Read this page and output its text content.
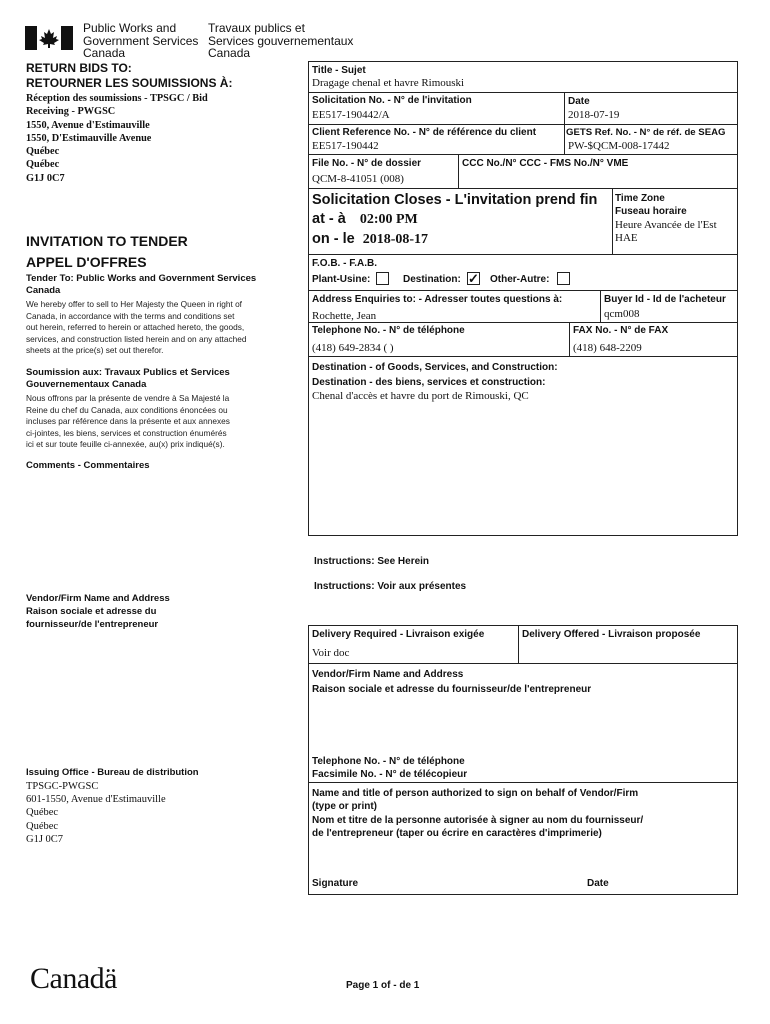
Public Works and
Government Services
Canada
Travaux publics et
Services gouvernementaux
Canada
RETURN BIDS TO:
RETOURNER LES SOUMISSIONS À:
Réception des soumissions - TPSGC / Bid
Receiving - PWGSC
1550, Avenue d'Estimauville
1550, D'Estimauville Avenue
Québec
Québec
G1J 0C7
INVITATION TO TENDER
APPEL D'OFFRES
Tender To: Public Works and Government Services
Canada
We hereby offer to sell to Her Majesty the Queen in right of
Canada, in accordance with the terms and conditions set
out herein, referred to herein or attached hereto, the goods,
services, and construction listed herein and on any attached
sheets at the price(s) set out therefor.
Soumission aux: Travaux Publics et Services
Gouvernementaux Canada
Nous offrons par la présente de vendre à Sa Majesté la
Reine du chef du Canada, aux conditions énoncées ou
incluses par référence dans la présente et aux annexes
ci-jointes, les biens, services et construction énumérés
ici et sur toute feuille ci-annexée, au(x) prix indiqué(s).
Comments - Commentaires
Vendor/Firm Name and Address
Raison sociale et adresse du
fournisseur/de l'entrepreneur
Issuing Office - Bureau de distribution
TPSGC-PWGSC
601-1550, Avenue d'Estimauville
Québec
Québec
G1J 0C7
Title - Sujet
Dragage chenal et havre Rimouski
Solicitation No. - N° de l'invitation
EE517-190442/A
Date
2018-07-19
Client Reference No. - N° de référence du client
EE517-190442
GETS Ref. No. - N° de réf. de SEAG
PW-$QCM-008-17442
File No. - N° de dossier
QCM-8-41051 (008)
CCC No./N° CCC - FMS No./N° VME
Solicitation Closes - L'invitation prend fin
at - à 02:00 PM
on - le 2018-08-17
Time Zone
Fuseau horaire
Heure Avancée de l'Est
HAE
F.O.B. - F.A.B.
Plant-Usine:	Destination: ✓ Other-Autre:
Address Enquiries to: - Adresser toutes questions à:
Rochette, Jean
Buyer Id - Id de l'acheteur
qcm008
Telephone No. - N° de téléphone
(418) 649-2834 ( )
FAX No. - N° de FAX
(418) 648-2209
Destination - of Goods, Services, and Construction:
Destination - des biens, services et construction:
Chenal d'accès et havre du port de Rimouski, QC
Instructions: See Herein
Instructions: Voir aux présentes
Delivery Required - Livraison exigée
Voir doc
Delivery Offered - Livraison proposée
Vendor/Firm Name and Address
Raison sociale et adresse du fournisseur/de l'entrepreneur
Telephone No. - N° de téléphone
Facsimile No. - N° de télécopieur
Name and title of person authorized to sign on behalf of Vendor/Firm
(type or print)
Nom et titre de la personne autorisée à signer au nom du fournisseur/
de l'entrepreneur (taper ou écrire en caractères d'imprimerie)
Signature	Date
Canadä	Page 1 of - de 1
